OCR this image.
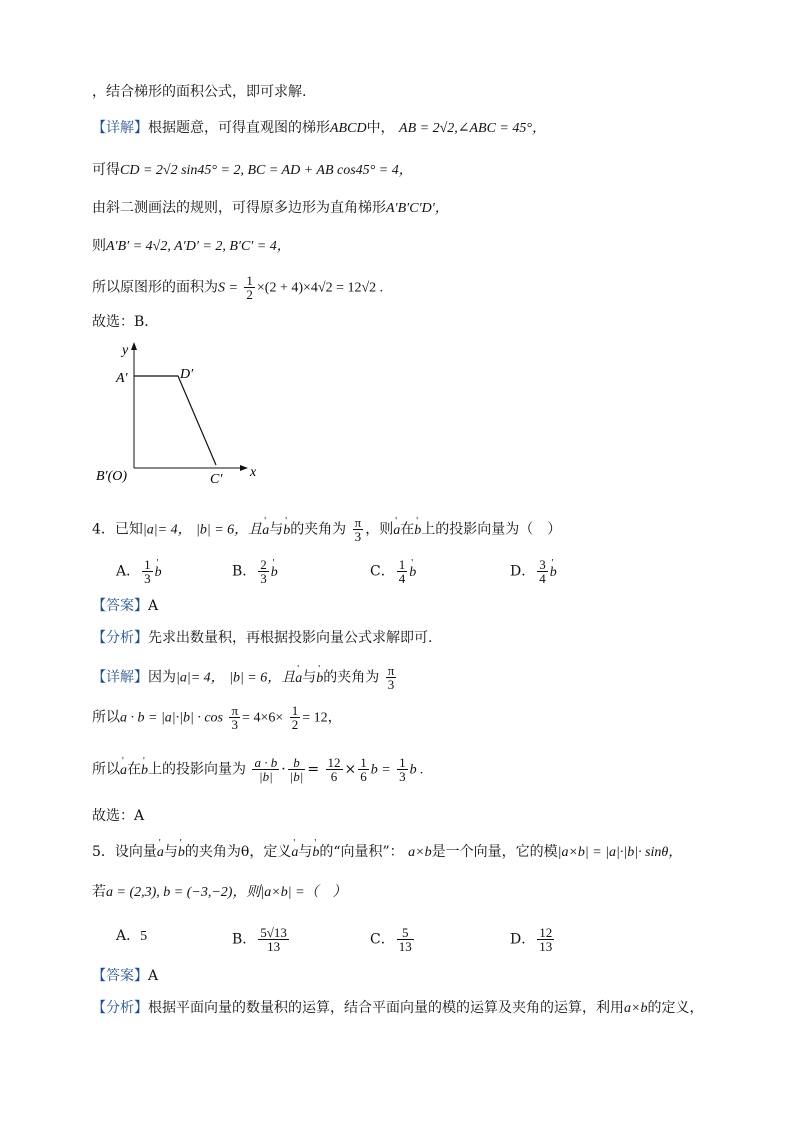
，结合梯形的面积公式，即可求解.
【详解】根据题意，可得直观图的梯形ABCD中， AB = 2√2,∠ABC = 45°，
可得CD = 2√2 sin45° = 2, BC = AD + AB cos45° = 4，
由斜二测画法的规则，可得原多边形为直角梯形A′B′C′D′，
则A′B′ = 4√2, A′D′ = 2, B′C′ = 4，
所以原图形的面积为$S = \frac{1}{2} \times(2 + 4)\times 4√2 = 12√2$ .
故选：B.
y
A′	D′
B′(O)	C′ x
4．已知|a|= 4， |b| = 6，且' a与' b的夹角为 $\frac{\pi}{3}$ ，则' a在' b上的投影向量为（　）
A． $\frac{1}{3}$ ' b	B． $\frac{2}{3}$ ' b	C． $\frac{1}{4}$ ' b	D． $\frac{3}{4}$ ' b
【答案】A
【分析】先求出数量积，再根据投影向量公式求解即可.
【详解】因为|a|= 4， |b| = 6，且' a与' b的夹角为 $\frac{\pi}{3}$
所以$a \cdot b = |a|\cdot|b| \cdot \cos \frac{\pi}{3} = 4\times 6\times \frac{1}{2} = 12$，
所以' a在' b上的投影向量为 $\frac{a \cdot b}{|b|} \cdot \frac{b}{|b|} = \frac{12}{6} \times \frac{1}{6}$ $b = \frac{1}{3}$ b .
故选：A
5．设向量' a与' b的夹角为θ，定义' a与' b的“向量积”： a×b是一个向量，它的模|a×b| = |a|·|b|· sinθ，
若a = (2,3), b = (−3,−2)，则|a×b| =（　）
A．5	B． $\frac{5√13}{13}$	C． $\frac{5}{13}$	D． $\frac{12}{13}$
【答案】A
【分析】根据平面向量的数量积的运算，结合平面向量的模的运算及夹角的运算，利用a×b的定义，
